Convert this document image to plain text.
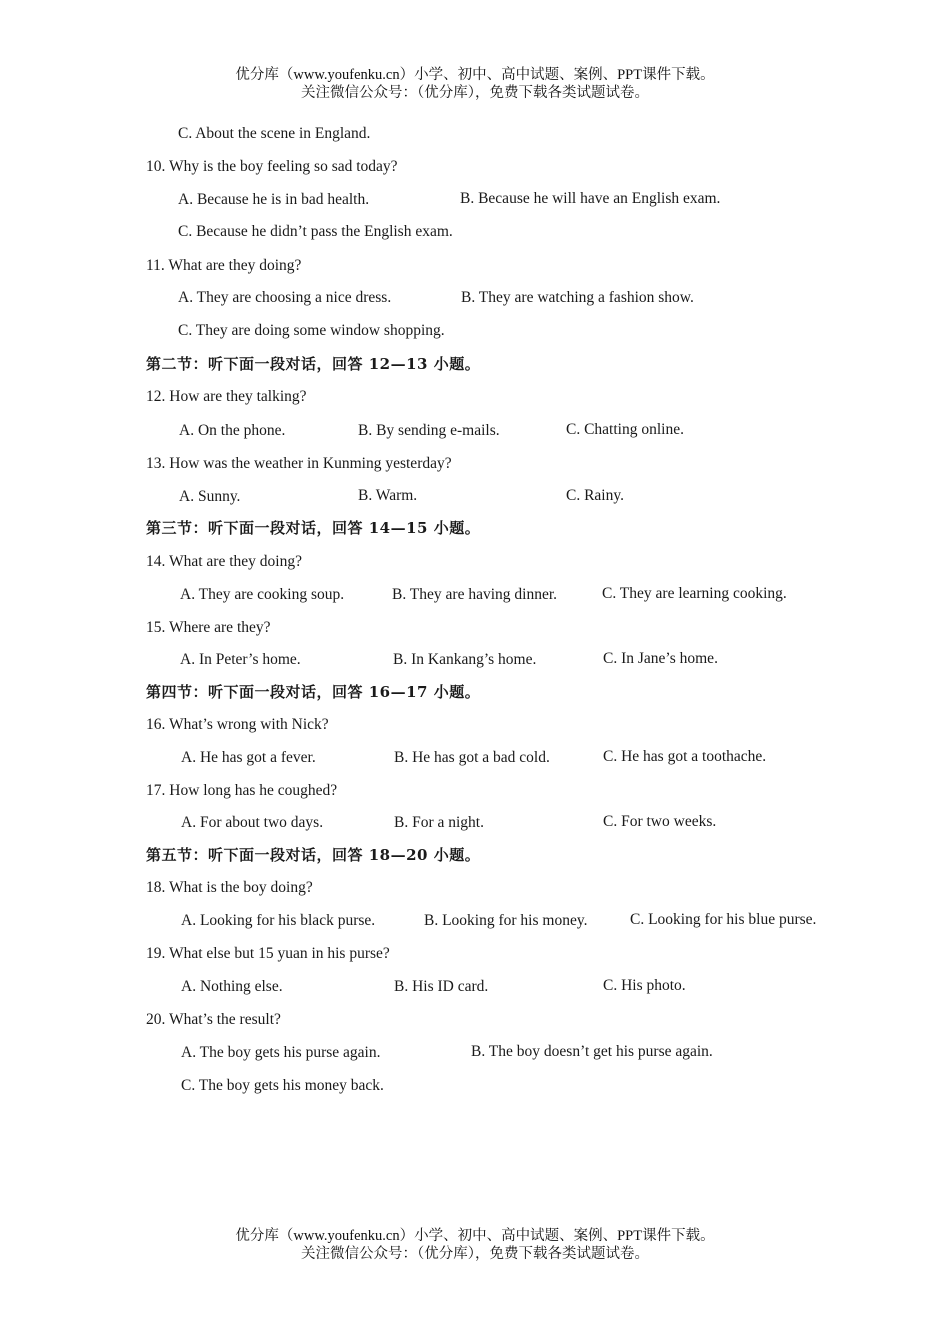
优分库（www.youfenku.cn）小学、初中、高中试题、案例、PPT课件下载。
关注微信公众号：（优分库），免费下载各类试题试卷。
C. About the scene in England.
10. Why is the boy feeling so sad today?
A. Because he is in bad health.	B. Because he will have an English exam.
C. Because he didn’t pass the English exam.
11. What are they doing?
A. They are choosing a nice dress.	B. They are watching a fashion show.
C. They are doing some window shopping.
第二节：听下面一段对话，回答 12—13 小题。
12. How are they talking?
A. On the phone.	B. By sending e-mails.	C. Chatting online.
13. How was the weather in Kunming yesterday?
A. Sunny.	B. Warm.	C. Rainy.
第三节：听下面一段对话，回答 14—15 小题。
14. What are they doing?
A. They are cooking soup.	B. They are having dinner.	C. They are learning cooking.
15. Where are they?
A. In Peter’s home.	B. In Kankang’s home.	C. In Jane’s home.
第四节：听下面一段对话，回答 16—17 小题。
16. What’s wrong with Nick?
A. He has got a fever.	B. He has got a bad cold.	C. He has got a toothache.
17. How long has he coughed?
A. For about two days.	B. For a night.	C. For two weeks.
第五节：听下面一段对话，回答 18—20 小题。
18. What is the boy doing?
A. Looking for his black purse.	B. Looking for his money.	C. Looking for his blue purse.
19. What else but 15 yuan in his purse?
A. Nothing else.	B. His ID card.	C. His photo.
20. What’s the result?
A. The boy gets his purse again.	B. The boy doesn’t get his purse again.
C. The boy gets his money back.
优分库（www.youfenku.cn）小学、初中、高中试题、案例、PPT课件下载。
关注微信公众号：（优分库），免费下载各类试题试卷。
